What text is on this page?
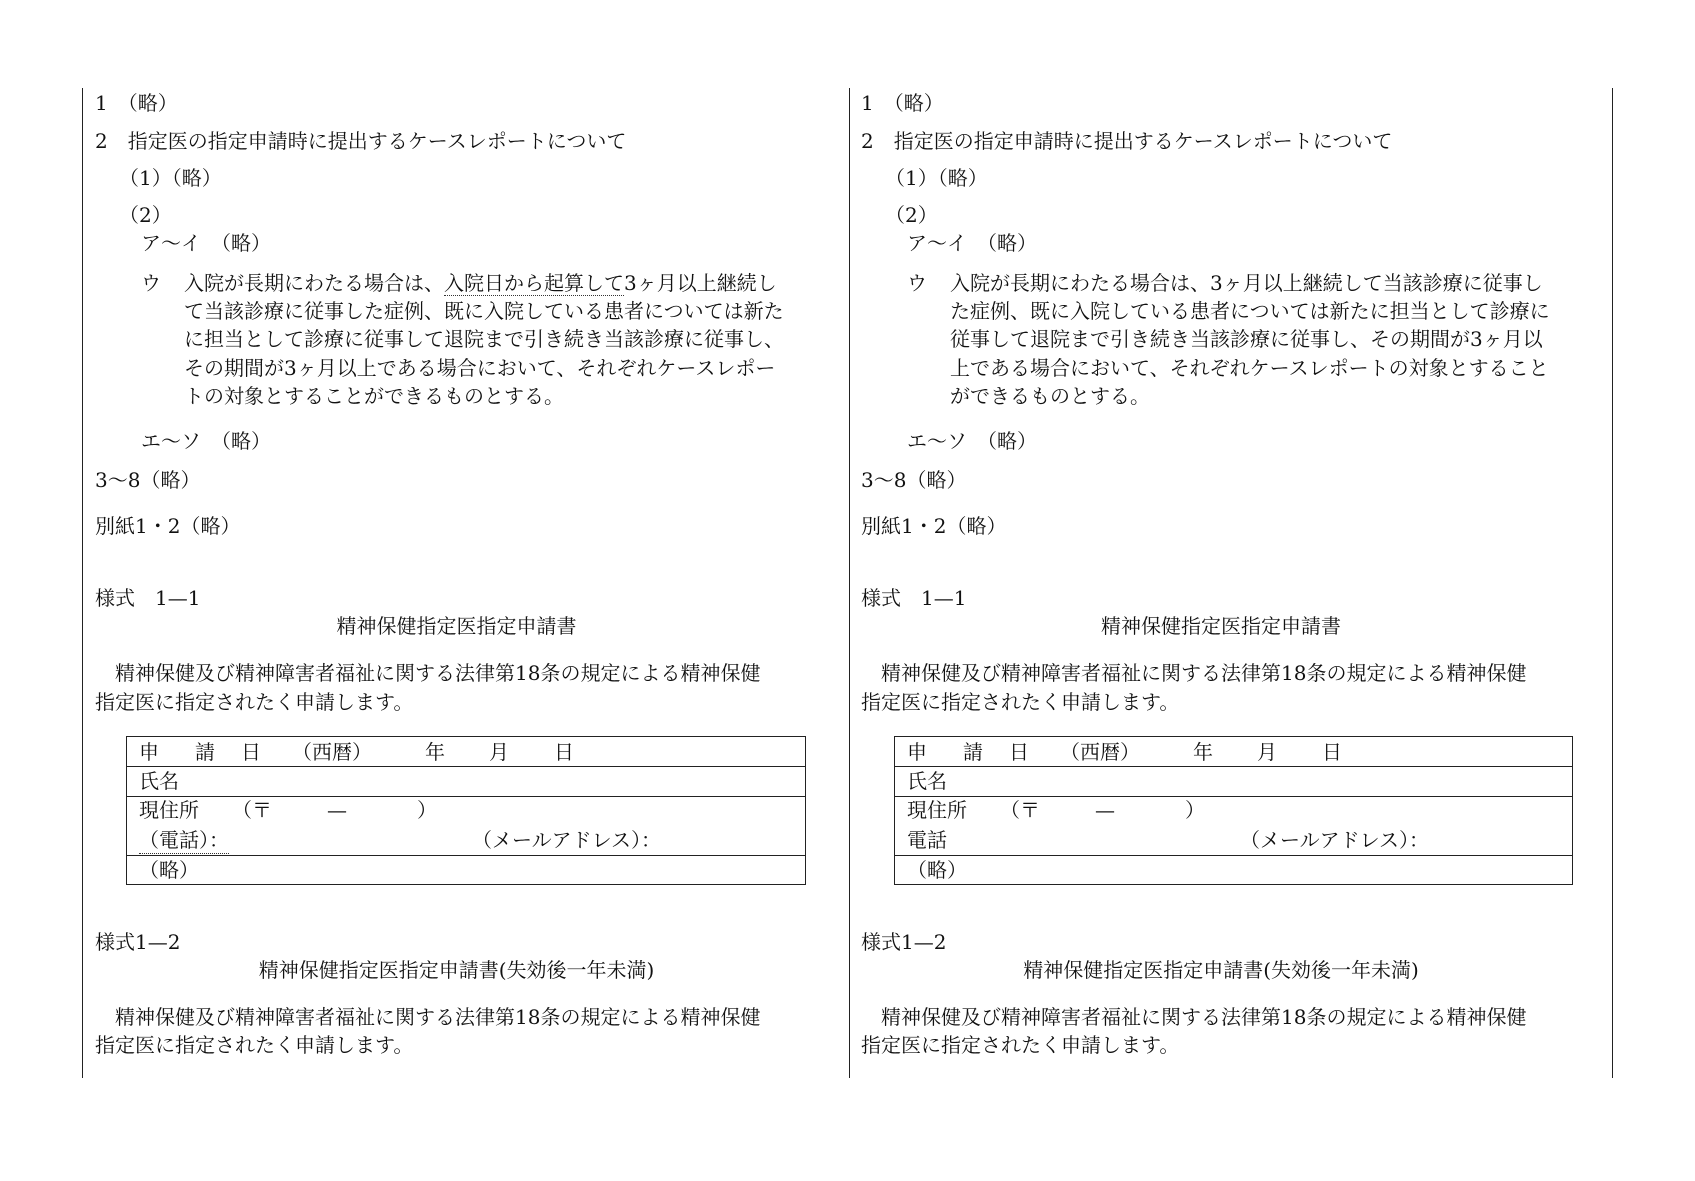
1　（略）
2　指定医の指定申請時に提出するケースレポートについて
（1）（略）
（2）
ア～イ　（略）
ウ 入院が長期にわたる場合は、入院日から起算して3ヶ月以上継続し
て当該診療に従事した症例、既に入院している患者については新た
に担当として診療に従事して退院まで引き続き当該診療に従事し、
その期間が3ヶ月以上である場合において、それぞれケースレポー
トの対象とすることができるものとする。
エ～ソ　（略）
3～8（略）
別紙1・2（略）
様式　1—1
精神保健指定医指定申請書
　精神保健及び精神障害者福祉に関する法律第18条の規定による精神保健
指定医に指定されたく申請します。
申 請 日 （西暦）	年 月 日
氏名
現住所 （〒	—	）
（電話）：	（メールアドレス）：
（略）
様式1—2
精神保健指定医指定申請書(失効後一年未満)
　精神保健及び精神障害者福祉に関する法律第18条の規定による精神保健
指定医に指定されたく申請します。
1　（略）
2　指定医の指定申請時に提出するケースレポートについて
（1）（略）
（2）
ア～イ　（略）
ウ 入院が長期にわたる場合は、3ヶ月以上継続して当該診療に従事し
た症例、既に入院している患者については新たに担当として診療に
従事して退院まで引き続き当該診療に従事し、その期間が3ヶ月以
上である場合において、それぞれケースレポートの対象とすること
ができるものとする。
エ～ソ　（略）
3～8（略）
別紙1・2（略）
様式　1—1
精神保健指定医指定申請書
　精神保健及び精神障害者福祉に関する法律第18条の規定による精神保健
指定医に指定されたく申請します。
申 請 日 （西暦）	年 月 日
氏名
現住所 （〒	—	）
電話	（メールアドレス）：
（略）
様式1—2
精神保健指定医指定申請書(失効後一年未満)
　精神保健及び精神障害者福祉に関する法律第18条の規定による精神保健
指定医に指定されたく申請します。
